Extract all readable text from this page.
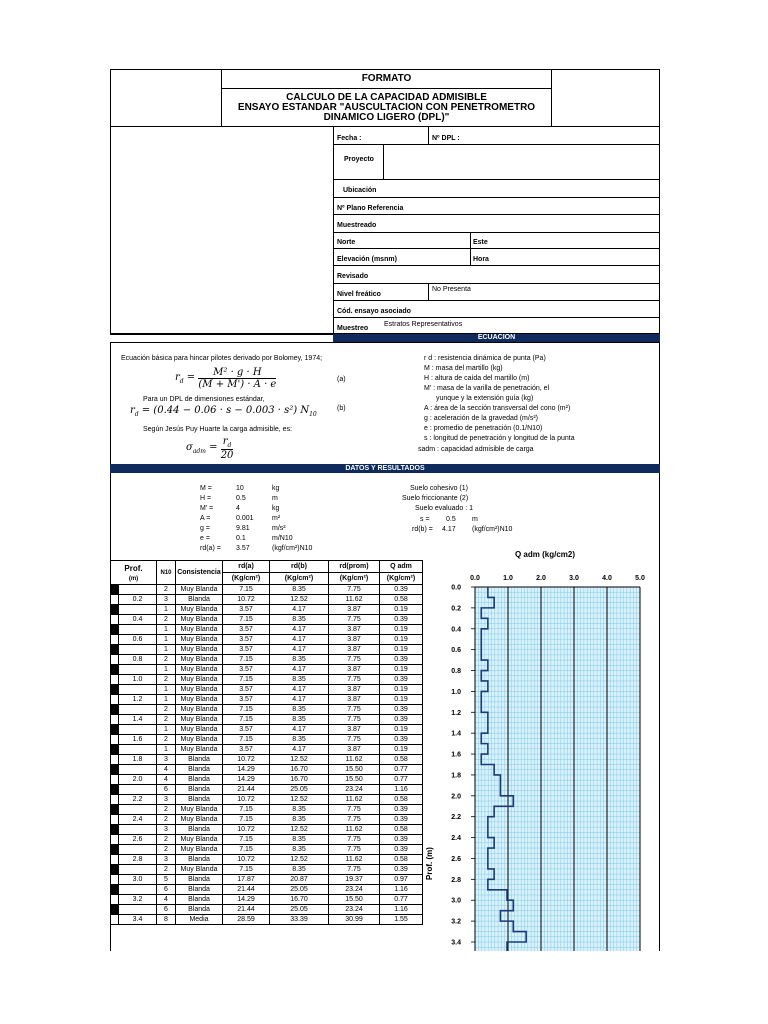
FORMATO
CALCULO DE LA CAPACIDAD ADMISIBLE
ENSAYO ESTANDAR "AUSCULTACION CON PENETROMETRO
DINAMICO LIGERO (DPL)"
Fecha :	Nº DPL :
Proyecto
Ubicación
Nº Plano Referencia
Muestreado
Norte	Este
Elevación (msnm)	Hora
Revisado
Nivel freático
No Presenta
Cód. ensayo asociado
Muestreo
Estratos Representativos
ECUACION
Ecuación básica para hincar pilotes derivado por Bolomey, 1974;
$r_d = \frac{\text{M² · g · H}}{(M + M') \cdot A \cdot e}$	(a)
Para un DPL de dimensiones estándar,
$r_d = (0.44 - 0.06 \cdot s - 0.003 \cdot s^2)$ $N_{10}$
(b)
Según Jesús Puy Huarte la carga admisible, es:
$\sigma_{adm} = \frac{r_d}{20}$
r d : resistencia dinámica de punta (Pa)
M : masa del martillo (kg)
H : altura de caída del martillo (m)
M' : masa de la varilla de penetración, el
yunque y la extensión guía (kg)
A : área de la sección transversal del cono (m²)
g : aceleración de la gravedad (m/s²)
e : promedio de penetración (0.1/N10)
s : longitud de penetración y longitud de la punta
sadm : capacidad admisible de carga
DATOS Y RESULTADOS
M =	10	kg
H =	0.5	m
M' =	4	kg
A =	0.001	m²
g =	9.81	m/s²
e =	0.1	m/N10
rd(a) = 3.57	(kgf/cm²)N10
Suelo cohesivo (1)
Suelo friccionante (2)
Suelo evaluado : 1
s = 0.5 m
rd(b) = 4.17 (kgf/cm²)N10
Prof.
(m)		N10	Consistencia	rd(a)	rd(b)	rd(prom)	Q adm
				(Kg/cm²)	(Kg/cm²)	(Kg/cm²)	(Kg/cm²)
		2	Muy Blanda	7.15	8.35	7.75	0.39
	0.2	3	Blanda	10.72	12.52	11.62	0.58
		1	Muy Blanda	3.57	4.17	3.87	0.19
	0.4	2	Muy Blanda	7.15	8.35	7.75	0.39
		1	Muy Blanda	3.57	4.17	3.87	0.19
	0.6	1	Muy Blanda	3.57	4.17	3.87	0.19
		1	Muy Blanda	3.57	4.17	3.87	0.19
	0.8	2	Muy Blanda	7.15	8.35	7.75	0.39
		1	Muy Blanda	3.57	4.17	3.87	0.19
	1.0	2	Muy Blanda	7.15	8.35	7.75	0.39
		1	Muy Blanda	3.57	4.17	3.87	0.19
	1.2	1	Muy Blanda	3.57	4.17	3.87	0.19
		2	Muy Blanda	7.15	8.35	7.75	0.39
	1.4	2	Muy Blanda	7.15	8.35	7.75	0.39
		1	Muy Blanda	3.57	4.17	3.87	0.19
	1.6	2	Muy Blanda	7.15	8.35	7.75	0.39
		1	Muy Blanda	3.57	4.17	3.87	0.19
	1.8	3	Blanda	10.72	12.52	11.62	0.58
		4	Blanda	14.29	16.70	15.50	0.77
	2.0	4	Blanda	14.29	16.70	15.50	0.77
		6	Blanda	21.44	25.05	23.24	1.16
	2.2	3	Blanda	10.72	12.52	11.62	0.58
		2	Muy Blanda	7.15	8.35	7.75	0.39
	2.4	2	Muy Blanda	7.15	8.35	7.75	0.39
		3	Blanda	10.72	12.52	11.62	0.58
	2.6	2	Muy Blanda	7.15	8.35	7.75	0.39
		2	Muy Blanda	7.15	8.35	7.75	0.39
	2.8	3	Blanda	10.72	12.52	11.62	0.58
		2	Muy Blanda	7.15	8.35	7.75	0.39
	3.0	5	Blanda	17.87	20.87	19.37	0.97
		6	Blanda	21.44	25.05	23.24	1.16
	3.2	4	Blanda	14.29	16.70	15.50	0.77
		6	Blanda	21.44	25.05	23.24	1.16
	3.4	8	Media	28.59	33.39	30.99	1.55
Q adm (kg/cm2)
Prof. (m)
0.0	1.0	2.0	3.0	4.0	5.0
0.0
0.2
0.4
0.6
0.8
1.0
1.2
1.4
1.6
1.8
2.0
2.2
2.4
2.6
2.8
3.0
3.2
3.4
